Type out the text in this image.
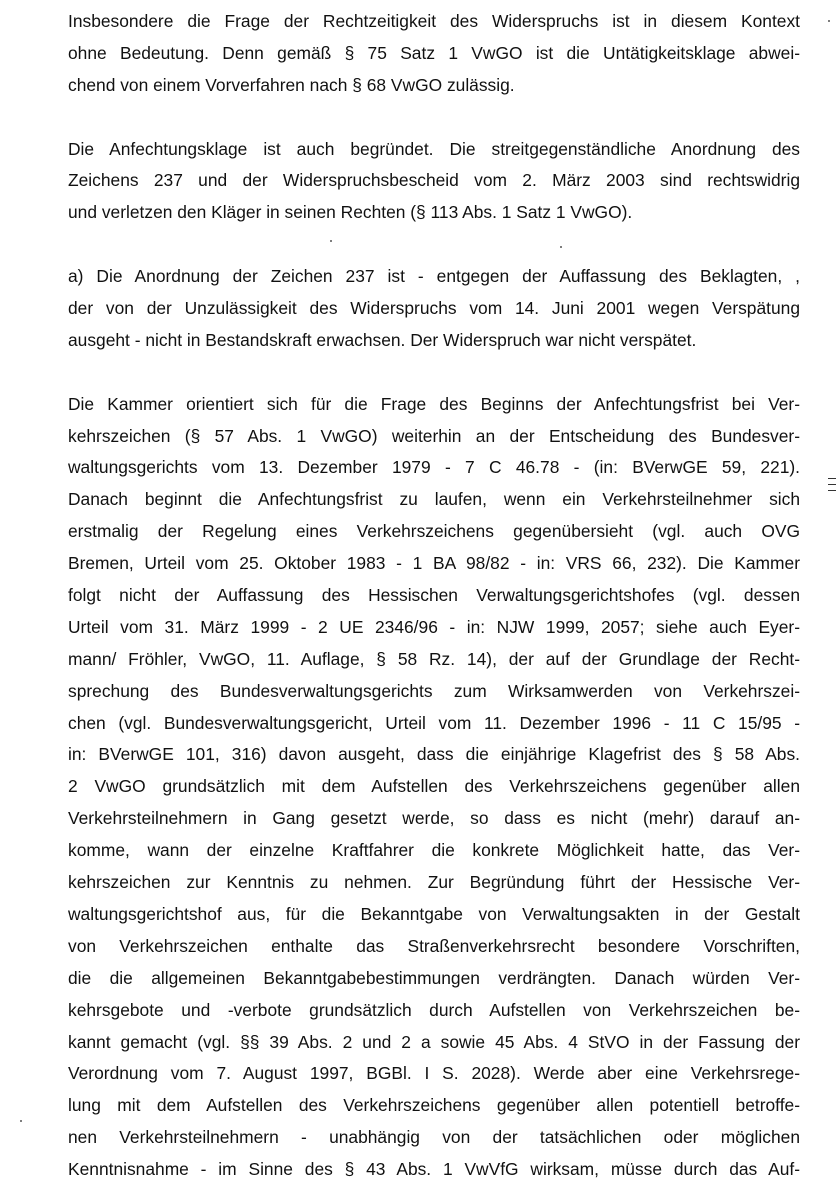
Insbesondere die Frage der Rechtzeitigkeit des Widerspruchs ist in diesem Kontext
ohne Bedeutung. Denn gemäß § 75 Satz 1 VwGO ist die Untätigkeitsklage abwei-
chend von einem Vorverfahren nach § 68 VwGO zulässig.
Die Anfechtungsklage ist auch begründet. Die streitgegenständliche Anordnung des
Zeichens 237 und der Widerspruchsbescheid vom 2. März 2003 sind rechtswidrig
und verletzen den Kläger in seinen Rechten (§ 113 Abs. 1 Satz 1 VwGO).
a) Die Anordnung der Zeichen 237 ist - entgegen der Auffassung des Beklagten, ,
der von der Unzulässigkeit des Widerspruchs vom 14. Juni 2001 wegen Verspätung
ausgeht - nicht in Bestandskraft erwachsen. Der Widerspruch war nicht verspätet.
Die Kammer orientiert sich für die Frage des Beginns der Anfechtungsfrist bei Ver-
kehrszeichen (§ 57 Abs. 1 VwGO) weiterhin an der Entscheidung des Bundesver-
waltungsgerichts vom 13. Dezember 1979 - 7 C 46.78 - (in: BVerwGE 59, 221).
Danach beginnt die Anfechtungsfrist zu laufen, wenn ein Verkehrsteilnehmer sich
erstmalig der Regelung eines Verkehrszeichens gegenübersieht (vgl. auch OVG
Bremen, Urteil vom 25. Oktober 1983 - 1 BA 98/82 - in: VRS 66, 232). Die Kammer
folgt nicht der Auffassung des Hessischen Verwaltungsgerichtshofes (vgl. dessen
Urteil vom 31. März 1999 - 2 UE 2346/96 - in: NJW 1999, 2057; siehe auch Eyer-
mann/ Fröhler, VwGO, 11. Auflage, § 58 Rz. 14), der auf der Grundlage der Recht-
sprechung des Bundesverwaltungsgerichts zum Wirksamwerden von Verkehrszei-
chen (vgl. Bundesverwaltungsgericht, Urteil vom 11. Dezember 1996 - 11 C 15/95 -
in: BVerwGE 101, 316) davon ausgeht, dass die einjährige Klagefrist des § 58 Abs.
2 VwGO grundsätzlich mit dem Aufstellen des Verkehrszeichens gegenüber allen
Verkehrsteilnehmern in Gang gesetzt werde, so dass es nicht (mehr) darauf an-
komme, wann der einzelne Kraftfahrer die konkrete Möglichkeit hatte, das Ver-
kehrszeichen zur Kenntnis zu nehmen. Zur Begründung führt der Hessische Ver-
waltungsgerichtshof aus, für die Bekanntgabe von Verwaltungsakten in der Gestalt
von Verkehrszeichen enthalte das Straßenverkehrsrecht besondere Vorschriften,
die die allgemeinen Bekanntgabebestimmungen verdrängten. Danach würden Ver-
kehrsgebote und -verbote grundsätzlich durch Aufstellen von Verkehrszeichen be-
kannt gemacht (vgl. §§ 39 Abs. 2 und 2 a sowie 45 Abs. 4 StVO in der Fassung der
Verordnung vom 7. August 1997, BGBl. I S. 2028). Werde aber eine Verkehrsrege-
lung mit dem Aufstellen des Verkehrszeichens gegenüber allen potentiell betroffe-
nen Verkehrsteilnehmern - unabhängig von der tatsächlichen oder möglichen
Kenntnisnahme - im Sinne des § 43 Abs. 1 VwVfG wirksam, müsse durch das Auf-
